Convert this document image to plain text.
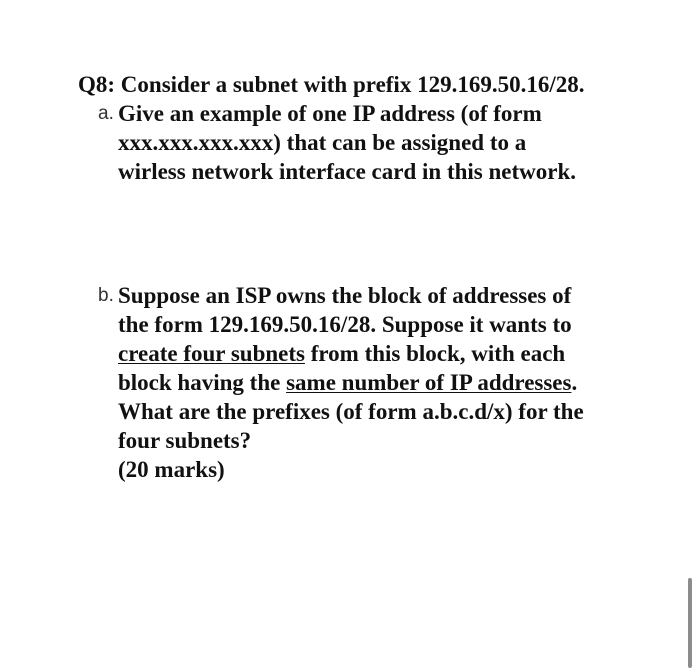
Q8: Consider a subnet with prefix 129.169.50.16/28.
a. Give an example of one IP address (of form
xxx.xxx.xxx.xxx) that can be assigned to a
wirless network interface card in this network.
b. Suppose an ISP owns the block of addresses of
the form 129.169.50.16/28. Suppose it wants to
create four subnets from this block, with each
block having the same number of IP addresses.
What are the prefixes (of form a.b.c.d/x) for the
four subnets?
(20 marks)
